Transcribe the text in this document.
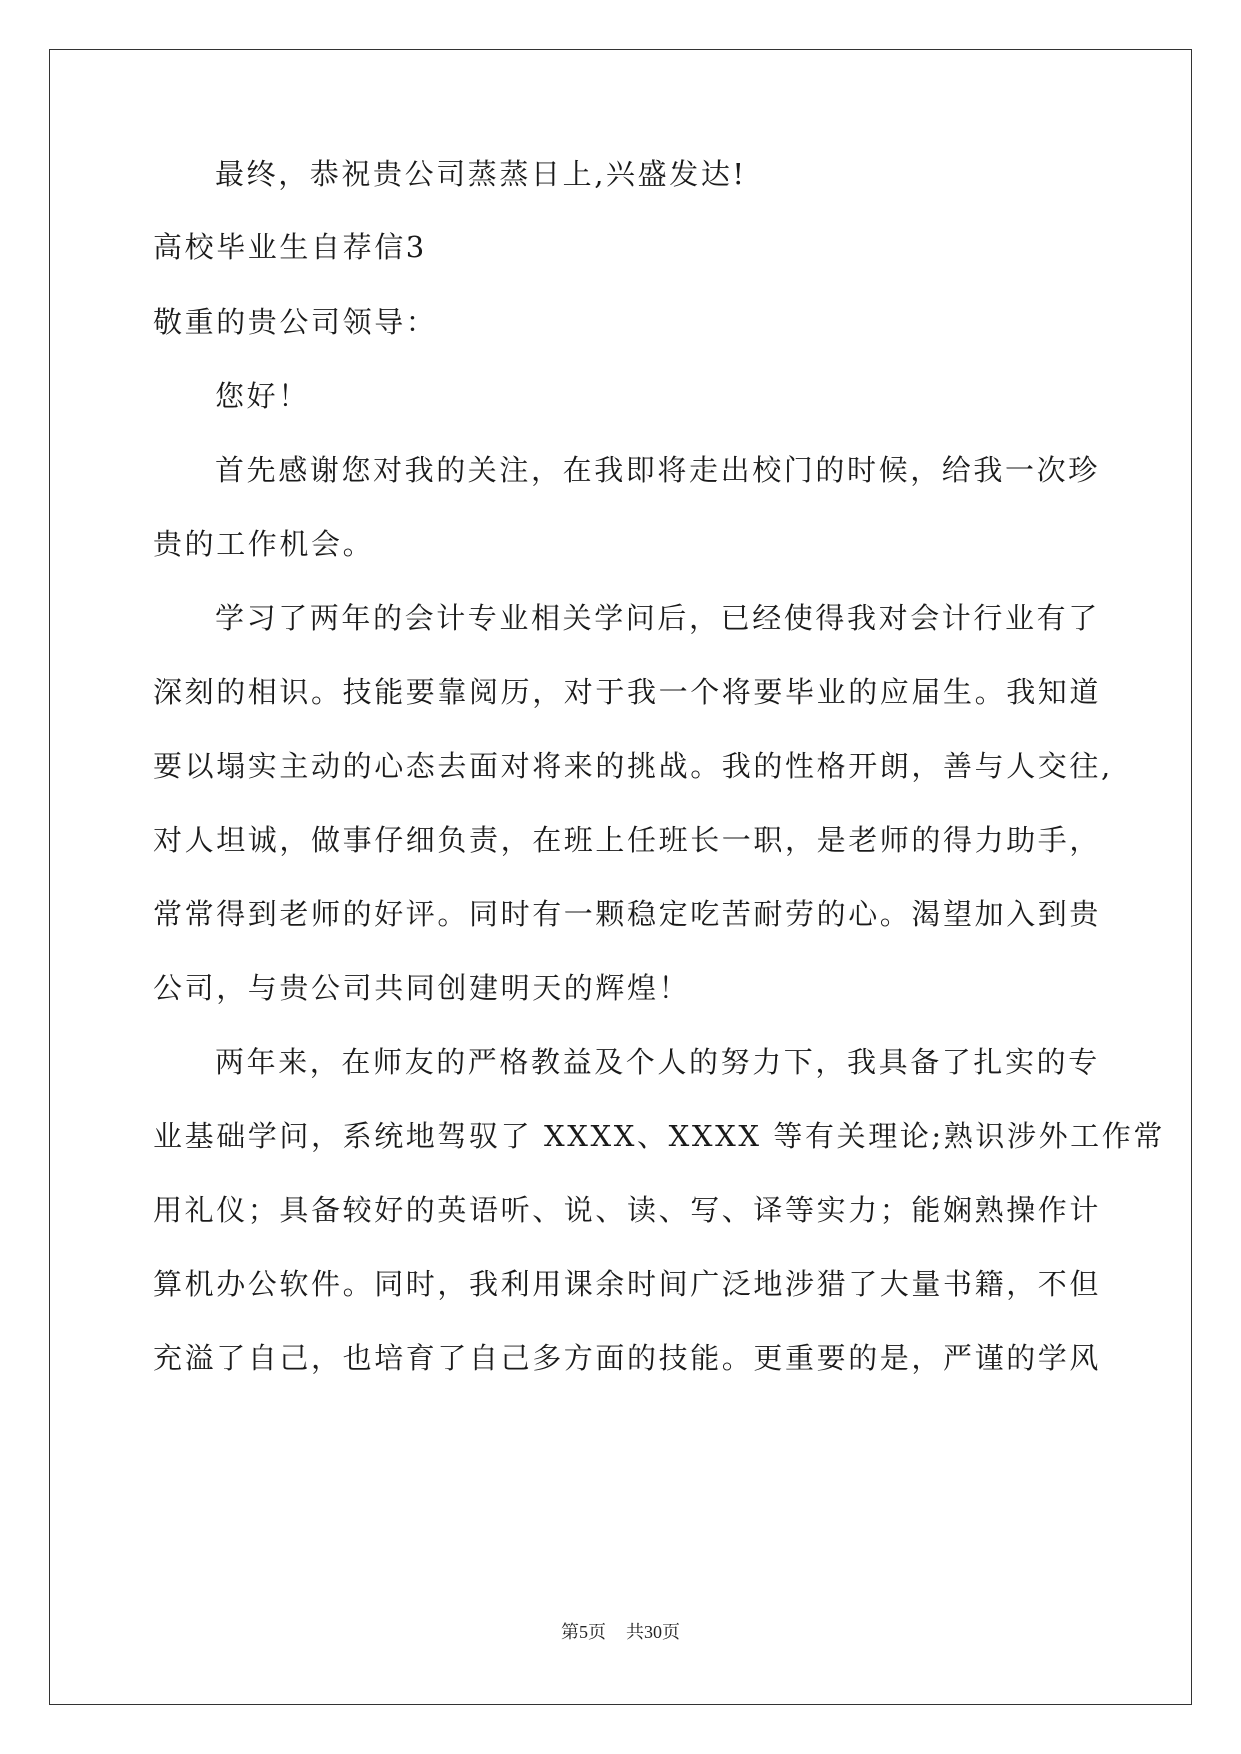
最终，恭祝贵公司蒸蒸日上,兴盛发达!
高校毕业生自荐信3
敬重的贵公司领导：
您好！
首先感谢您对我的关注，在我即将走出校门的时候，给我一次珍
贵的工作机会。
学习了两年的会计专业相关学问后，已经使得我对会计行业有了
深刻的相识。技能要靠阅历，对于我一个将要毕业的应届生。我知道
要以塌实主动的心态去面对将来的挑战。我的性格开朗，善与人交往,
对人坦诚，做事仔细负责，在班上任班长一职，是老师的得力助手，
常常得到老师的好评。同时有一颗稳定吃苦耐劳的心。渴望加入到贵
公司，与贵公司共同创建明天的辉煌！
两年来，在师友的严格教益及个人的努力下，我具备了扎实的专
业基础学问，系统地驾驭了 XXXX、XXXX 等有关理论;熟识涉外工作常
用礼仪；具备较好的英语听、说、读、写、译等实力；能娴熟操作计
算机办公软件。同时，我利用课余时间广泛地涉猎了大量书籍，不但
充溢了自己，也培育了自己多方面的技能。更重要的是，严谨的学风
第5页 共30页
